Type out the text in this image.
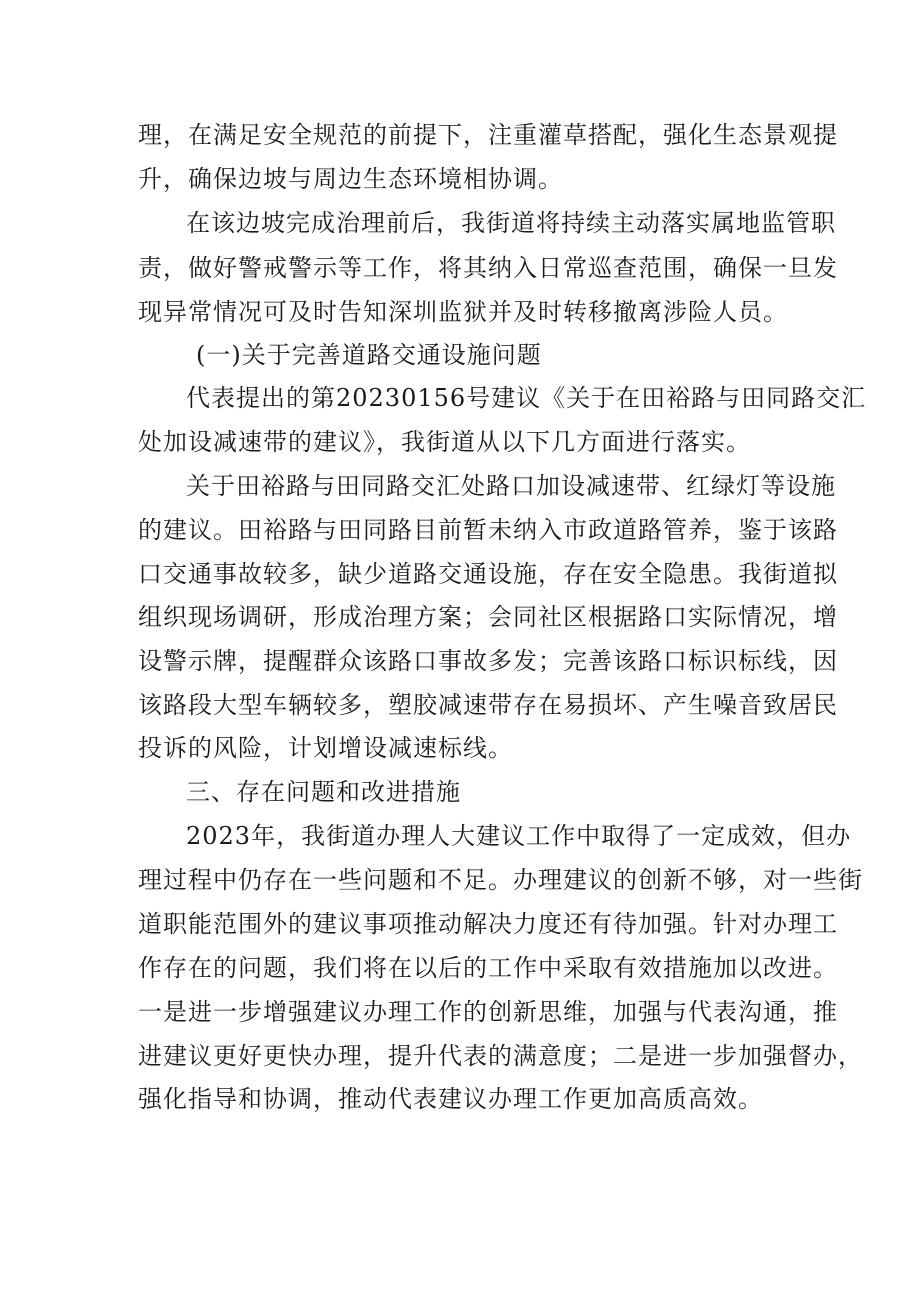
理，在满足安全规范的前提下，注重灌草搭配，强化生态景观提
升，确保边坡与周边生态环境相协调。
在该边坡完成治理前后，我街道将持续主动落实属地监管职
责，做好警戒警示等工作，将其纳入日常巡查范围，确保一旦发
现异常情况可及时告知深圳监狱并及时转移撤离涉险人员。
(一)关于完善道路交通设施问题
代表提出的第20230156号建议《关于在田裕路与田同路交汇
处加设减速带的建议》，我街道从以下几方面进行落实。
关于田裕路与田同路交汇处路口加设减速带、红绿灯等设施
的建议。田裕路与田同路目前暂未纳入市政道路管养，鉴于该路
口交通事故较多，缺少道路交通设施，存在安全隐患。我街道拟
组织现场调研，形成治理方案；会同社区根据路口实际情况，增
设警示牌，提醒群众该路口事故多发；完善该路口标识标线，因
该路段大型车辆较多，塑胶减速带存在易损坏、产生噪音致居民
投诉的风险，计划增设减速标线。
三、存在问题和改进措施
2023年，我街道办理人大建议工作中取得了一定成效，但办
理过程中仍存在一些问题和不足。办理建议的创新不够，对一些街
道职能范围外的建议事项推动解决力度还有待加强。针对办理工
作存在的问题，我们将在以后的工作中采取有效措施加以改进。
一是进一步增强建议办理工作的创新思维，加强与代表沟通，推
进建议更好更快办理，提升代表的满意度；二是进一步加强督办，
强化指导和协调，推动代表建议办理工作更加高质高效。
